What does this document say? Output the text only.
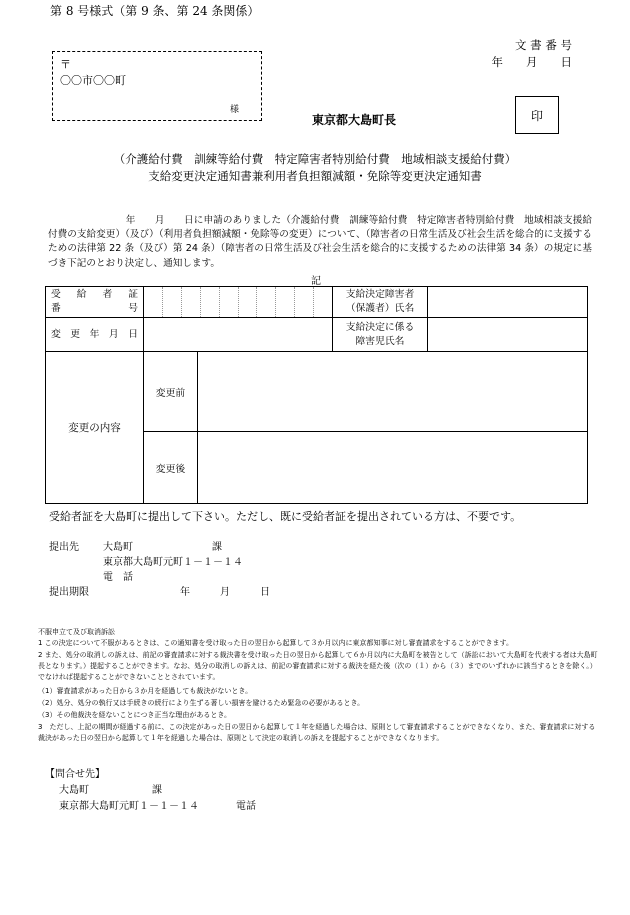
第 8 号様式（第 9 条、第 24 条関係）
文 書 番 号
年　　月　　日
〒
〇〇市〇〇町
様
東京都大島町長	印
（介護給付費　訓練等給付費　特定障害者特別給付費　地域相談支援給付費）
支給変更決定通知書兼利用者負担額減額・免除等変更決定通知書
　　　　　　　　年　　月　　日に申請のありました（介護給付費　訓練等給付費　特定障害者特別給付費　地域相談支援給付費の支給変更）（及び）（利用者負担額減額・免除等の変更）について、（障害者の日常生活及び社会生活を総合的に支援するための法律第 22 条（及び）第 24 条）（障害者の日常生活及び社会生活を総合的に支援するための法律第 34 条）の規定に基づき下記のとおり決定し、通知します。
記
受　給　者　証　番　号			支給決定障害者
（保護者）氏名	

変更年月日			支給決定に係る
障害児氏名	

変更の内容	変更前			
	変更後			
受給者証を大島町に提出して下さい。ただし、既に受給者証を提出されている方は、不要です。
提出先 大島町	課
東京都大島町元町１－１－１４
電　話
提出期限	年　　　月　　　日
不服申立て及び取消訴訟
1 この決定について不服があるときは、この通知書を受け取った日の翌日から起算して３か月以内に東京都知事に対し審査請求をすることができます。
2 また、処分の取消しの訴えは、前記の審査請求に対する裁決書を受け取った日の翌日から起算して６か月以内に大島町を被告として（訴訟において大島町を代表する者は大島町長となります。）提起することができます。なお、処分の取消しの訴えは、前記の審査請求に対する裁決を経た後（次の（１）から（３）までのいずれかに該当するときを除く。）でなければ提起することができないこととされています。
（1）審査請求があった日から３か月を経過しても裁決がないとき。
（2）処分、処分の執行又は手続きの続行により生ずる著しい損害を避けるため緊急の必要があるとき。
（3）その他裁決を経ないことにつき正当な理由があるとき。
3　ただし、上記の期間が経過する前に、この決定があった日の翌日から起算して１年を経過した場合は、原則として審査請求することができなくなり、また、審査請求に対する裁決があった日の翌日から起算して１年を経過した場合は、原則として決定の取消しの訴えを提起することができなくなります。
【問合せ先】
大島町	課
東京都大島町元町１－１－１４	電話
